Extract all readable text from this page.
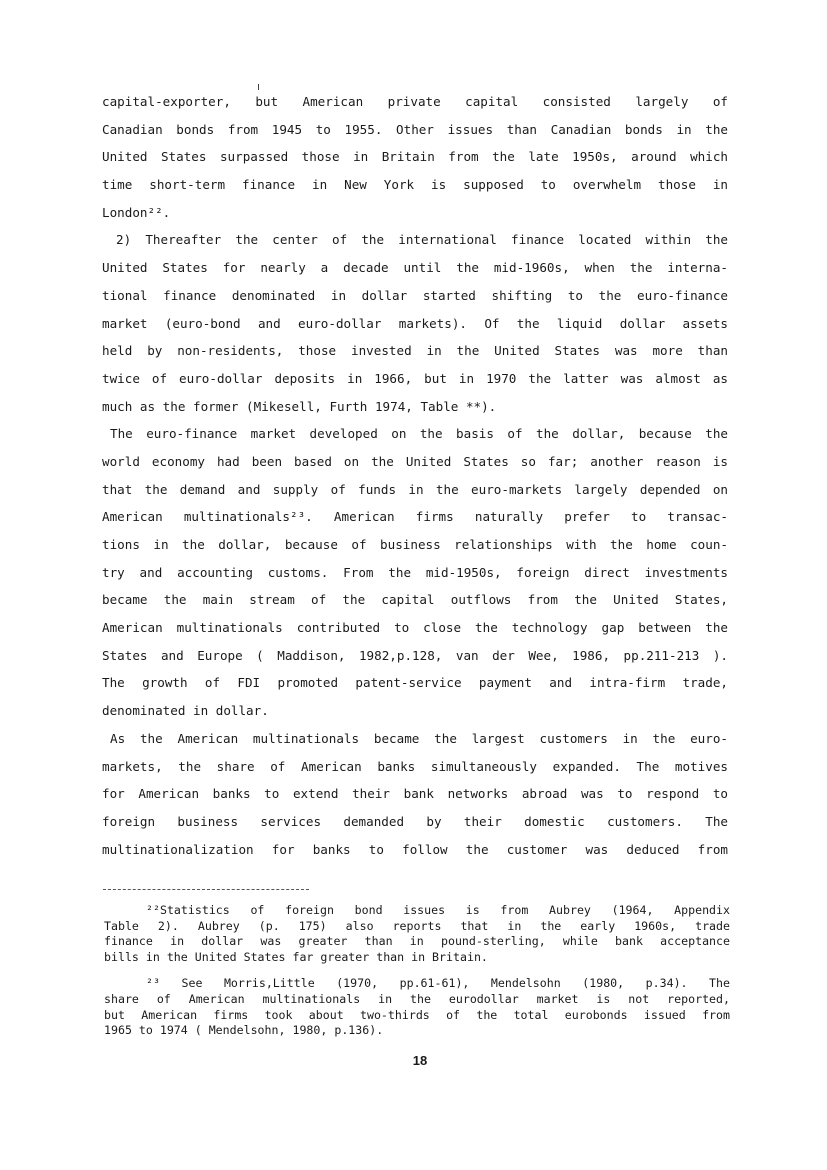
capital-exporter, but American private capital consisted largely of
Canadian bonds from 1945 to 1955. Other issues than Canadian bonds in the
United States surpassed those in Britain from the late 1950s, around which
time short-term finance in New York is supposed to overwhelm those in
London²².
2) Thereafter the center of the international finance located within the
United States for nearly a decade until the mid-1960s, when the interna-
tional finance denominated in dollar started shifting to the euro-finance
market (euro-bond and euro-dollar markets). Of the liquid dollar assets
held by non-residents, those invested in the United States was more than
twice of euro-dollar deposits in 1966, but in 1970 the latter was almost as
much as the former (Mikesell, Furth 1974, Table **).
The euro-finance market developed on the basis of the dollar, because the
world economy had been based on the United States so far; another reason is
that the demand and supply of funds in the euro-markets largely depended on
American multinationals²³. American firms naturally prefer to transac-
tions in the dollar, because of business relationships with the home coun-
try and accounting customs. From the mid-1950s, foreign direct investments
became the main stream of the capital outflows from the United States,
American multinationals contributed to close the technology gap between the
States and Europe ( Maddison, 1982,p.128, van der Wee, 1986, pp.211-213 ).
The growth of FDI promoted patent-service payment and intra-firm trade,
denominated in dollar.
As the American multinationals became the largest customers in the euro-
markets, the share of American banks simultaneously expanded. The motives
for American banks to extend their bank networks abroad was to respond to
foreign business services demanded by their domestic customers. The
multinationalization for banks to follow the customer was deduced from
²²Statistics of foreign bond issues is from Aubrey (1964, Appendix
Table 2). Aubrey (p. 175) also reports that in the early 1960s, trade
finance in dollar was greater than in pound-sterling, while bank acceptance
bills in the United States far greater than in Britain.
²³ See Morris,Little (1970, pp.61-61), Mendelsohn (1980, p.34). The
share of American multinationals in the eurodollar market is not reported,
but American firms took about two-thirds of the total eurobonds issued from
1965 to 1974 ( Mendelsohn, 1980, p.136).
18
